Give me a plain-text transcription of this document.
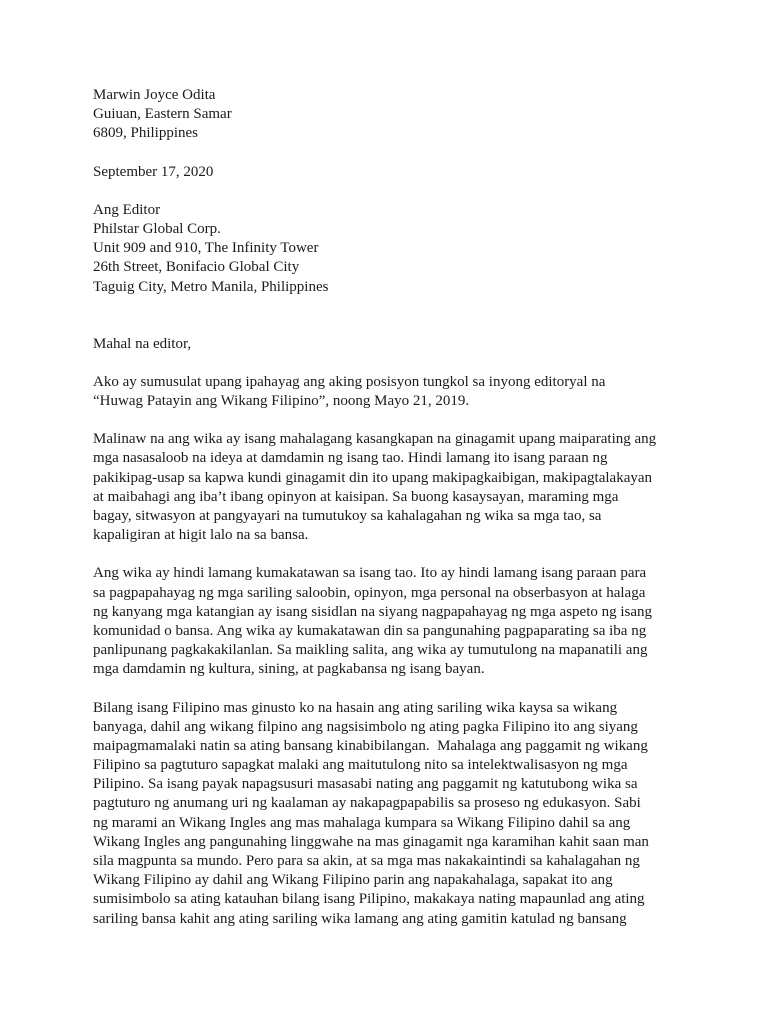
Marwin Joyce Odita
Guiuan, Eastern Samar
6809, Philippines
September 17, 2020
Ang Editor
Philstar Global Corp.
Unit 909 and 910, The Infinity Tower
26th Street, Bonifacio Global City
Taguig City, Metro Manila, Philippines
Mahal na editor,
Ako ay sumusulat upang ipahayag ang aking posisyon tungkol sa inyong editoryal na
“Huwag Patayin ang Wikang Filipino”, noong Mayo 21, 2019.
Malinaw na ang wika ay isang mahalagang kasangkapan na ginagamit upang maiparating ang
mga nasasaloob na ideya at damdamin ng isang tao. Hindi lamang ito isang paraan ng
pakikipag-usap sa kapwa kundi ginagamit din ito upang makipagkaibigan, makipagtalakayan
at maibahagi ang iba’t ibang opinyon at kaisipan. Sa buong kasaysayan, maraming mga
bagay, sitwasyon at pangyayari na tumutukoy sa kahalagahan ng wika sa mga tao, sa
kapaligiran at higit lalo na sa bansa.
Ang wika ay hindi lamang kumakatawan sa isang tao. Ito ay hindi lamang isang paraan para
sa pagpapahayag ng mga sariling saloobin, opinyon, mga personal na obserbasyon at halaga
ng kanyang mga katangian ay isang sisidlan na siyang nagpapahayag ng mga aspeto ng isang
komunidad o bansa. Ang wika ay kumakatawan din sa pangunahing pagpaparating sa iba ng
panlipunang pagkakakilanlan. Sa maikling salita, ang wika ay tumutulong na mapanatili ang
mga damdamin ng kultura, sining, at pagkabansa ng isang bayan.
Bilang isang Filipino mas ginusto ko na hasain ang ating sariling wika kaysa sa wikang
banyaga, dahil ang wikang filpino ang nagsisimbolo ng ating pagka Filipino ito ang siyang
maipagmamalaki natin sa ating bansang kinabibilangan.  Mahalaga ang paggamit ng wikang
Filipino sa pagtuturo sapagkat malaki ang maitutulong nito sa intelektwalisasyon ng mga
Pilipino. Sa isang payak napagsusuri masasabi nating ang paggamit ng katutubong wika sa
pagtuturo ng anumang uri ng kaalaman ay nakapagpapabilis sa proseso ng edukasyon. Sabi
ng marami an Wikang Ingles ang mas mahalaga kumpara sa Wikang Filipino dahil sa ang
Wikang Ingles ang pangunahing linggwahe na mas ginagamit nga karamihan kahit saan man
sila magpunta sa mundo. Pero para sa akin, at sa mga mas nakakaintindi sa kahalagahan ng
Wikang Filipino ay dahil ang Wikang Filipino parin ang napakahalaga, sapakat ito ang
sumisimbolo sa ating katauhan bilang isang Pilipino, makakaya nating mapaunlad ang ating
sariling bansa kahit ang ating sariling wika lamang ang ating gamitin katulad ng bansang
